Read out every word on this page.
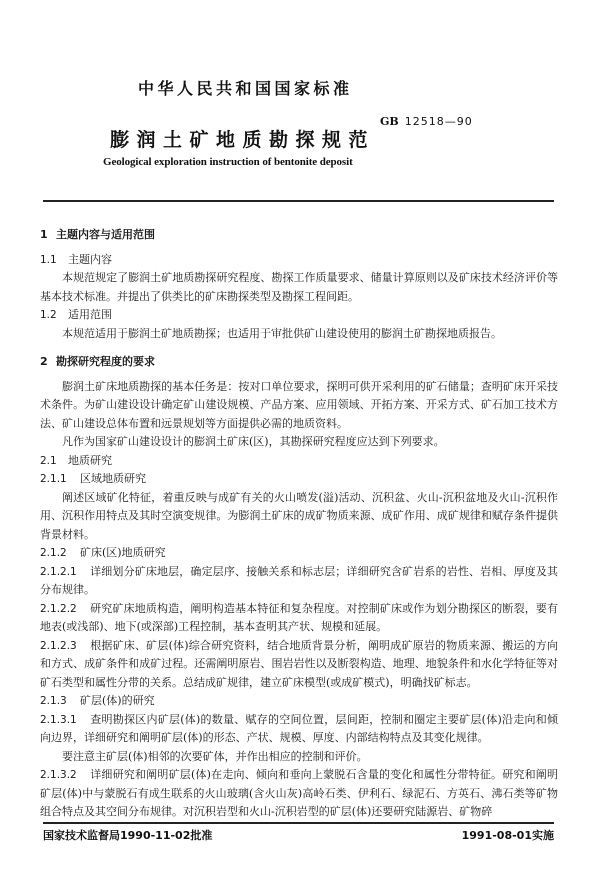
中华人民共和国国家标准
GB 12518—90
膨润土矿地质勘探规范
Geological exploration instruction of bentonite deposit
1 主题内容与适用范围
1.1 主题内容

本规范规定了膨润土矿地质勘探研究程度、勘探工作质量要求、储量计算原则以及矿床技术经济评价等基本技术标准。并提出了供类比的矿床勘探类型及勘探工程间距。

1.2 适用范围

本规范适用于膨润土矿地质勘探；也适用于审批供矿山建设使用的膨润土矿勘探地质报告。

2 勘探研究程度的要求

膨润土矿床地质勘探的基本任务是：按对口单位要求，探明可供开采利用的矿石储量；查明矿床开采技术条件。为矿山建设设计确定矿山建设规模、产品方案、应用领域、开拓方案、开采方式、矿石加工技术方法、矿山建设总体布置和远景规划等方面提供必需的地质资料。

凡作为国家矿山建设设计的膨润土矿床(区)，其勘探研究程度应达到下列要求。

2.1 地质研究
2.1.1 区域地质研究

阐述区域矿化特征，着重反映与成矿有关的火山喷发(溢)活动、沉积盆、火山-沉积盆地及火山-沉积作用、沉积作用特点及其时空演变规律。为膨润土矿床的成矿物质来源、成矿作用、成矿规律和赋存条件提供背景材料。

2.1.2 矿床(区)地质研究

2.1.2.1 详细划分矿床地层，确定层序、接触关系和标志层；详细研究含矿岩系的岩性、岩相、厚度及其分布规律。

2.1.2.2 研究矿床地质构造，阐明构造基本特征和复杂程度。对控制矿床或作为划分勘探区的断裂，要有地表(或浅部)、地下(或深部)工程控制，基本查明其产状、规模和延展。

2.1.2.3 根据矿床、矿层(体)综合研究资料，结合地质背景分析，阐明成矿原岩的物质来源、搬运的方向和方式、成矿条件和成矿过程。还需阐明原岩、围岩岩性以及断裂构造、地理、地貌条件和水化学特征等对矿石类型和属性分带的关系。总结成矿规律，建立矿床模型(或成矿模式)，明确找矿标志。

2.1.3 矿层(体)的研究

2.1.3.1 查明勘探区内矿层(体)的数量、赋存的空间位置，层间距，控制和圈定主要矿层(体)沿走向和倾向边界，详细研究和阐明矿层(体)的形态、产状、规模、厚度、内部结构特点及其变化规律。

要注意主矿层(体)相邻的次要矿体，并作出相应的控制和评价。

2.1.3.2 详细研究和阐明矿层(体)在走向、倾向和垂向上蒙脱石含量的变化和属性分带特征。研究和阐明矿层(体)中与蒙脱石有成生联系的火山玻璃(含火山灰)高岭石类、伊利石、绿泥石、方英石、沸石类等矿物组合特点及其空间分布规律。对沉积岩型和火山-沉积岩型的矿层(体)还要研究陆源岩、矿物碎

国家技术监督局1990-11-02批准	1991-08-01实施
